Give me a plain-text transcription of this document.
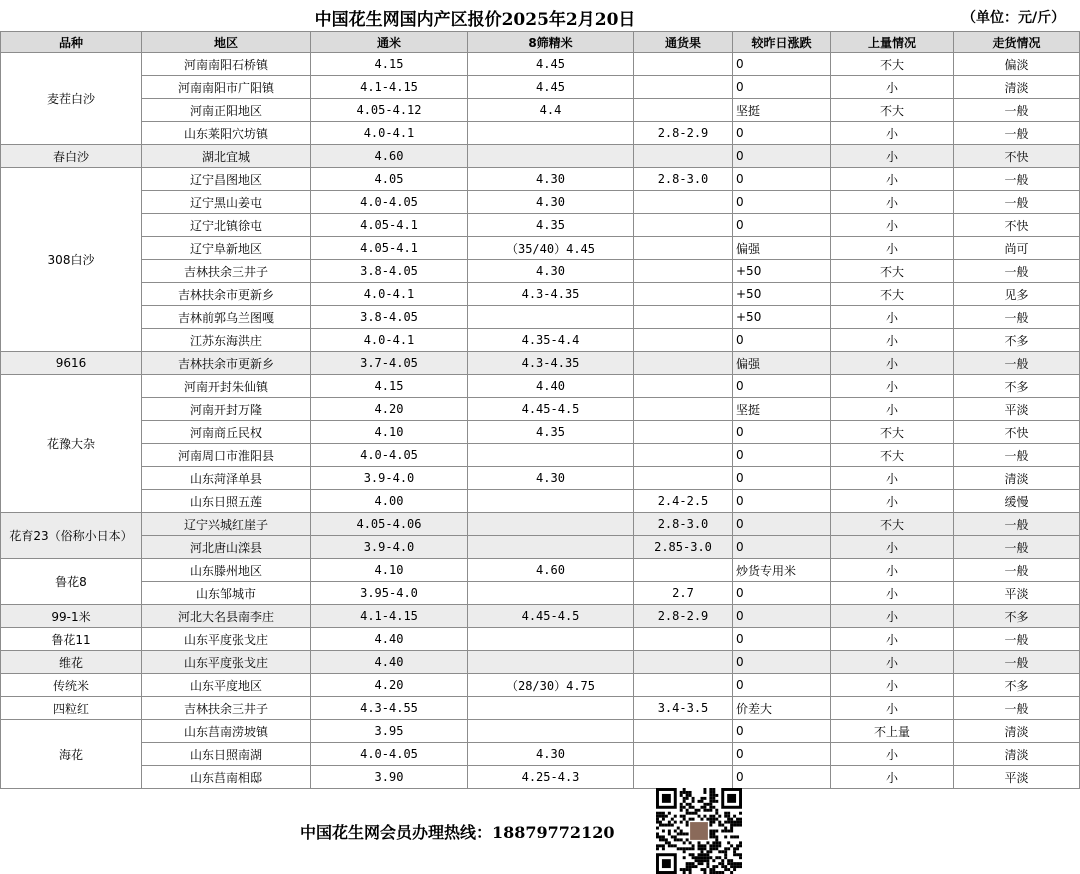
中国花生网国内产区报价2025年2月20日	（单位：元/斤）
品种	地区	通米	8筛精米	通货果	较昨日涨跌	上量情况	走货情况
麦茬白沙	河南南阳石桥镇	4.15	4.45		0	不大	偏淡
	河南南阳市广阳镇	4.1-4.15	4.45		0	小	清淡
	河南正阳地区	4.05-4.12	4.4		坚挺	不大	一般
	山东莱阳穴坊镇	4.0-4.1		2.8-2.9	0	小	一般
春白沙	湖北宜城	4.60			0	小	不快
308白沙	辽宁昌图地区	4.05	4.30	2.8-3.0	0	小	一般
	辽宁黑山姜屯	4.0-4.05	4.30		0	小	一般
	辽宁北镇徐屯	4.05-4.1	4.35		0	小	不快
	辽宁阜新地区	4.05-4.1	（35/40）4.45		偏强	小	尚可
	吉林扶余三井子	3.8-4.05	4.30		+50	不大	一般
	吉林扶余市更新乡	4.0-4.1	4.3-4.35		+50	不大	见多
	吉林前郭乌兰图嘎	3.8-4.05			+50	小	一般
	江苏东海洪庄	4.0-4.1	4.35-4.4		0	小	不多
9616	吉林扶余市更新乡	3.7-4.05	4.3-4.35		偏强	小	一般
花豫大杂	河南开封朱仙镇	4.15	4.40		0	小	不多
	河南开封万隆	4.20	4.45-4.5		坚挺	小	平淡
	河南商丘民权	4.10	4.35		0	不大	不快
	河南周口市淮阳县	4.0-4.05			0	不大	一般
	山东菏泽单县	3.9-4.0	4.30		0	小	清淡
	山东日照五莲	4.00		2.4-2.5	0	小	缓慢
花育23（俗称小日本）	辽宁兴城红崖子	4.05-4.06		2.8-3.0	0	不大	一般
	河北唐山滦县	3.9-4.0		2.85-3.0	0	小	一般
鲁花8	山东滕州地区	4.10	4.60		炒货专用米	小	一般
	山东邹城市	3.95-4.0		2.7	0	小	平淡
99-1米	河北大名县南李庄	4.1-4.15	4.45-4.5	2.8-2.9	0	小	不多
鲁花11	山东平度张戈庄	4.40			0	小	一般
维花	山东平度张戈庄	4.40			0	小	一般
传统米	山东平度地区	4.20	（28/30）4.75		0	小	不多
四粒红	吉林扶余三井子	4.3-4.55		3.4-3.5	价差大	小	一般
海花	山东莒南涝坡镇	3.95			0	不上量	清淡
	山东日照南湖	4.0-4.05	4.30		0	小	清淡
	山东莒南相邸	3.90	4.25-4.3		0	小	平淡
中国花生网会员办理热线：18879772120
